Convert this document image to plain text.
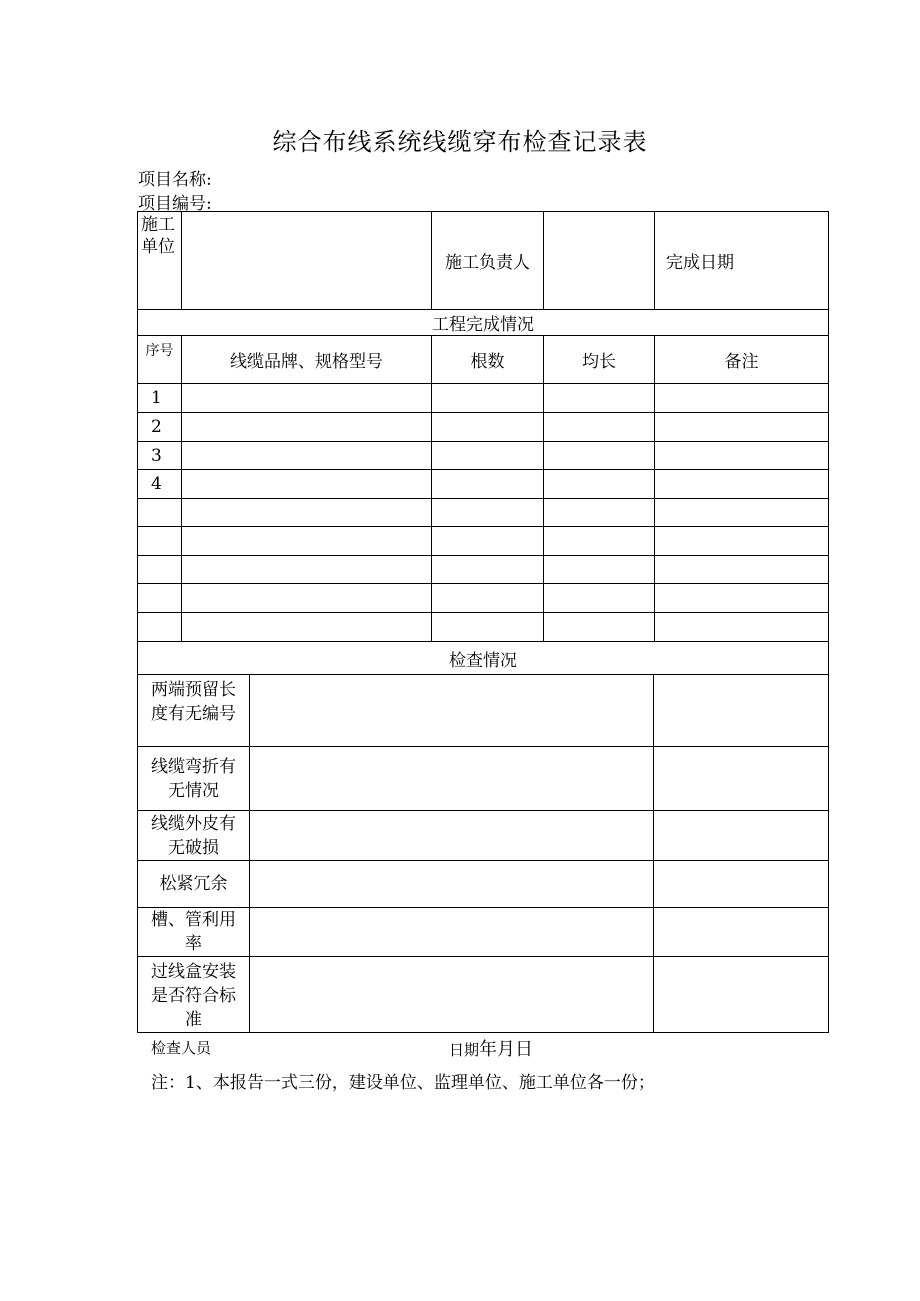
综合布线系统线缆穿布检查记录表
项目名称:
项目编号:
施工单位		施工负责人		完成日期
工程完成情况				
序号	线缆品牌、规格型号	根数	均长	备注
1				
2				
3				
4				

检查情况		

两端预留长
度有无编号		

线缆弯折有
无情况		

线缆外皮有
无破损		

松紧冗余		

槽、管利用
率		

过线盒安装
是否符合标
准		

检查人员	日期年月日
注：1、本报告一式三份，建设单位、监理单位、施工单位各一份；
